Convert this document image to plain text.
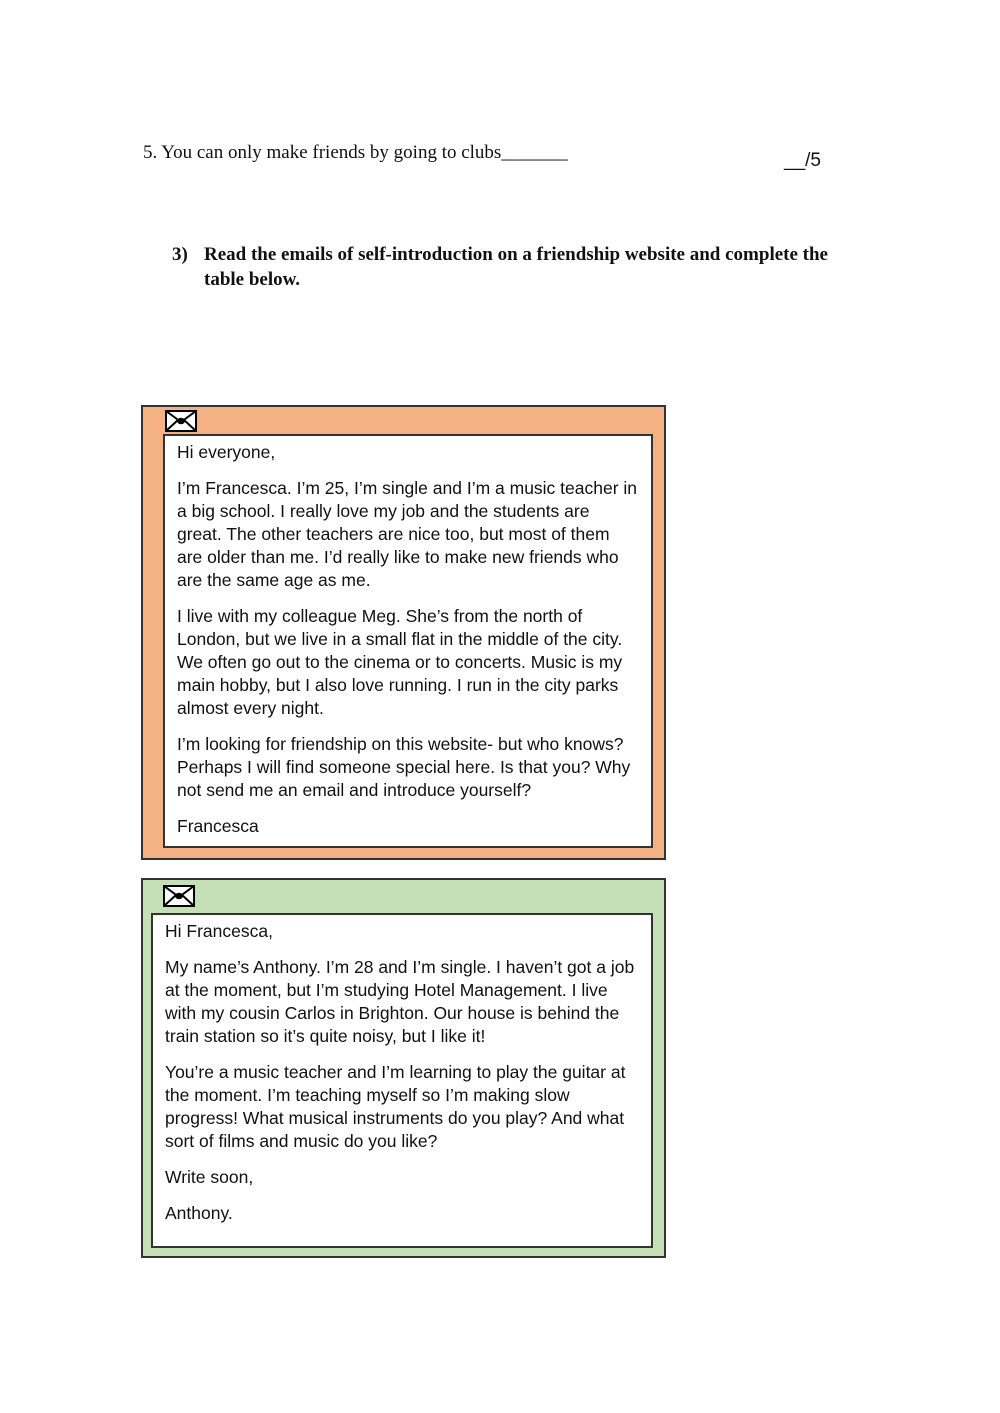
5. You can only make friends by going to clubs_______	__/5
3) Read the emails of self-introduction on a friendship website and complete the table below.

Hi everyone,

I’m Francesca. I’m 25, I’m single and I’m a music teacher in a big school. I really love my job and the students are great. The other teachers are nice too, but most of them are older than me. I’d really like to make new friends who are the same age as me.

I live with my colleague Meg. She’s from the north of London, but we live in a small flat in the middle of the city. We often go out to the cinema or to concerts. Music is my main hobby, but I also love running. I run in the city parks almost every night.

I’m looking for friendship on this website- but who knows? Perhaps I will find someone special here. Is that you? Why not send me an email and introduce yourself?

Francesca

Hi Francesca,

My name’s Anthony. I’m 28 and I’m single. I haven’t got a job at the moment, but I’m studying Hotel Management. I live with my cousin Carlos in Brighton. Our house is behind the train station so it’s quite noisy, but I like it!

You’re a music teacher and I’m learning to play the guitar at the moment. I’m teaching myself so I’m making slow progress! What musical instruments do you play? And what sort of films and music do you like?

Write soon,

Anthony.
